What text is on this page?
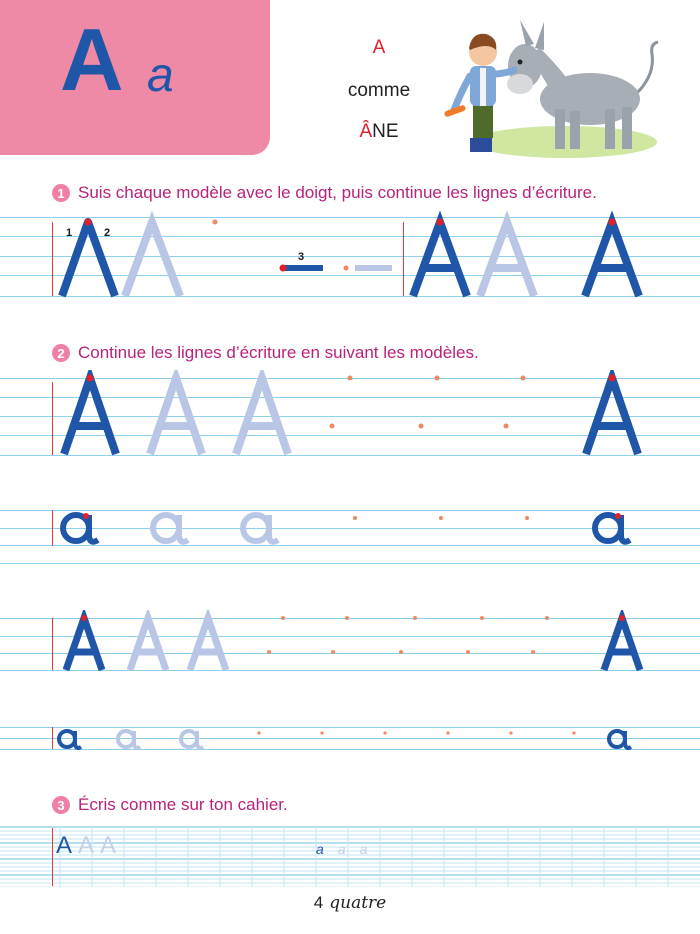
A a
A
comme
ÂNE
1 Suis chaque modèle avec le doigt, puis continue les lignes d’écriture.
1	2
3
2 Continue les lignes d’écriture en suivant les modèles.
3 Écris comme sur ton cahier.
AAA	aaa
4 quatre
